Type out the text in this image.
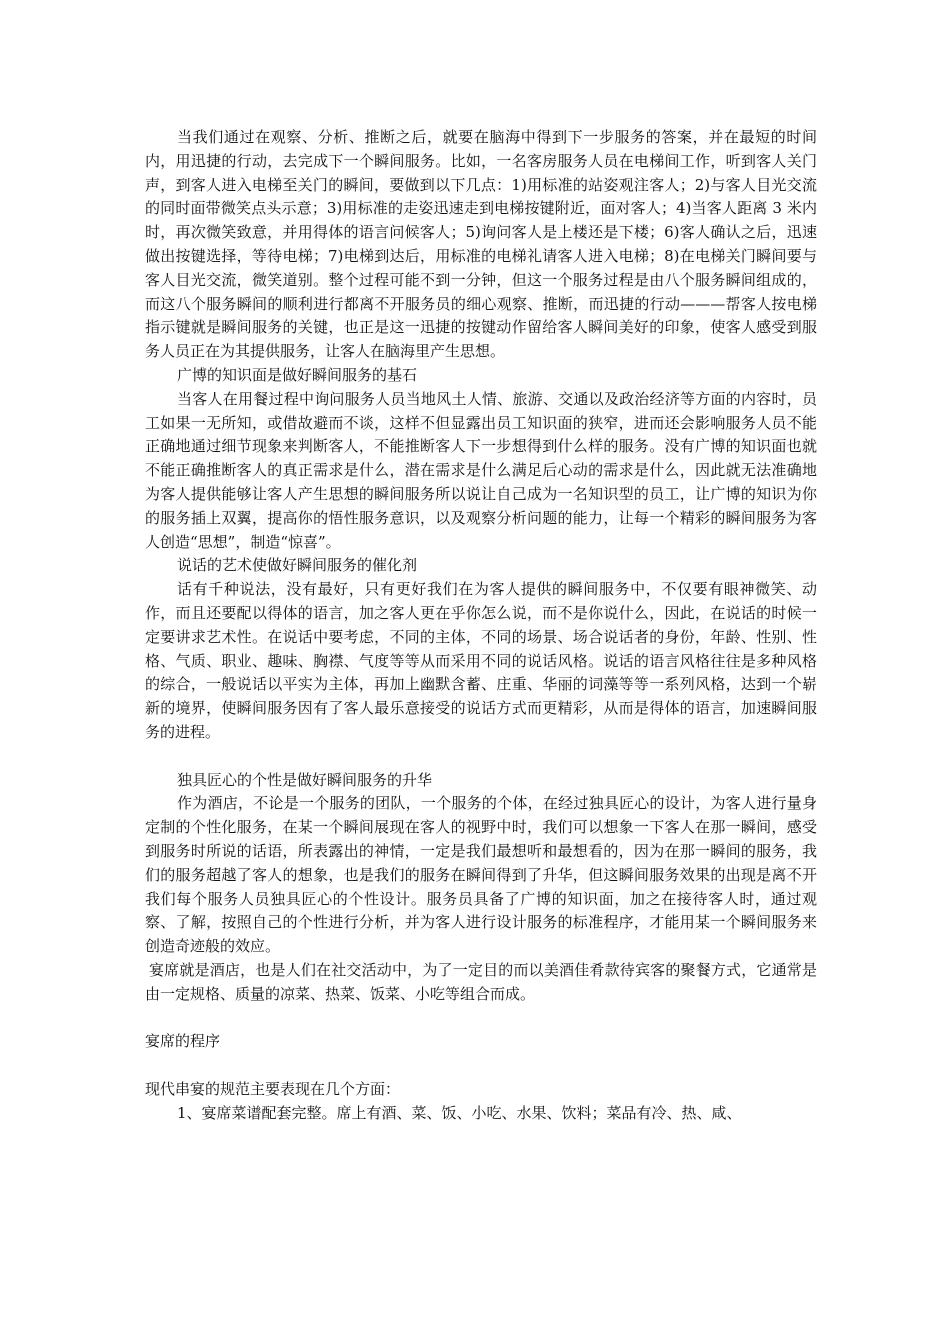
当我们通过在观察、分析、推断之后，就要在脑海中得到下一步服务的答案，并在最短的时间内，用迅捷的行动，去完成下一个瞬间服务。比如，一名客房服务人员在电梯间工作，听到客人关门声，到客人进入电梯至关门的瞬间，要做到以下几点：1)用标准的站姿观注客人；2)与客人目光交流的同时面带微笑点头示意；3)用标准的走姿迅速走到电梯按键附近，面对客人；4)当客人距离 3 米内时，再次微笑致意，并用得体的语言问候客人；5)询问客人是上楼还是下楼；6)客人确认之后，迅速做出按键选择，等待电梯；7)电梯到达后，用标准的电梯礼请客人进入电梯；8)在电梯关门瞬间要与客人目光交流，微笑道别。整个过程可能不到一分钟，但这一个服务过程是由八个服务瞬间组成的，而这八个服务瞬间的顺利进行都离不开服务员的细心观察、推断，而迅捷的行动———帮客人按电梯指示键就是瞬间服务的关键，也正是这一迅捷的按键动作留给客人瞬间美好的印象，使客人感受到服务人员正在为其提供服务，让客人在脑海里产生思想。

广博的知识面是做好瞬间服务的基石

当客人在用餐过程中询问服务人员当地风土人情、旅游、交通以及政治经济等方面的内容时，员工如果一无所知，或借故避而不谈，这样不但显露出员工知识面的狭窄，进而还会影响服务人员不能正确地通过细节现象来判断客人，不能推断客人下一步想得到什么样的服务。没有广博的知识面也就不能正确推断客人的真正需求是什么，潜在需求是什么满足后心动的需求是什么，因此就无法准确地为客人提供能够让客人产生思想的瞬间服务所以说让自己成为一名知识型的员工，让广博的知识为你的服务插上双翼，提高你的悟性服务意识，以及观察分析问题的能力，让每一个精彩的瞬间服务为客人创造“思想”，制造“惊喜”。

说话的艺术使做好瞬间服务的催化剂

话有千种说法，没有最好，只有更好我们在为客人提供的瞬间服务中，不仅要有眼神微笑、动作，而且还要配以得体的语言，加之客人更在乎你怎么说，而不是你说什么，因此，在说话的时候一定要讲求艺术性。在说话中要考虑，不同的主体，不同的场景、场合说话者的身份，年龄、性别、性格、气质、职业、趣味、胸襟、气度等等从而采用不同的说话风格。说话的语言风格往往是多种风格的综合，一般说话以平实为主体，再加上幽默含蓄、庄重、华丽的词藻等等一系列风格，达到一个崭新的境界，使瞬间服务因有了客人最乐意接受的说话方式而更精彩，从而是得体的语言，加速瞬间服务的进程。

独具匠心的个性是做好瞬间服务的升华

作为酒店，不论是一个服务的团队，一个服务的个体，在经过独具匠心的设计，为客人进行量身定制的个性化服务，在某一个瞬间展现在客人的视野中时，我们可以想象一下客人在那一瞬间，感受到服务时所说的话语，所表露出的神情，一定是我们最想听和最想看的，因为在那一瞬间的服务，我们的服务超越了客人的想象，也是我们的服务在瞬间得到了升华，但这瞬间服务效果的出现是离不开我们每个服务人员独具匠心的个性设计。服务员具备了广博的知识面，加之在接待客人时，通过观察、了解，按照自己的个性进行分析，并为客人进行设计服务的标准程序，才能用某一个瞬间服务来创造奇迹般的效应。

宴席就是酒店，也是人们在社交活动中，为了一定目的而以美酒佳肴款待宾客的聚餐方式，它通常是由一定规格、质量的凉菜、热菜、饭菜、小吃等组合而成。

宴席的程序

现代串宴的规范主要表现在几个方面：

1、宴席菜谱配套完整。席上有酒、菜、饭、小吃、水果、饮料；菜品有冷、热、咸、
